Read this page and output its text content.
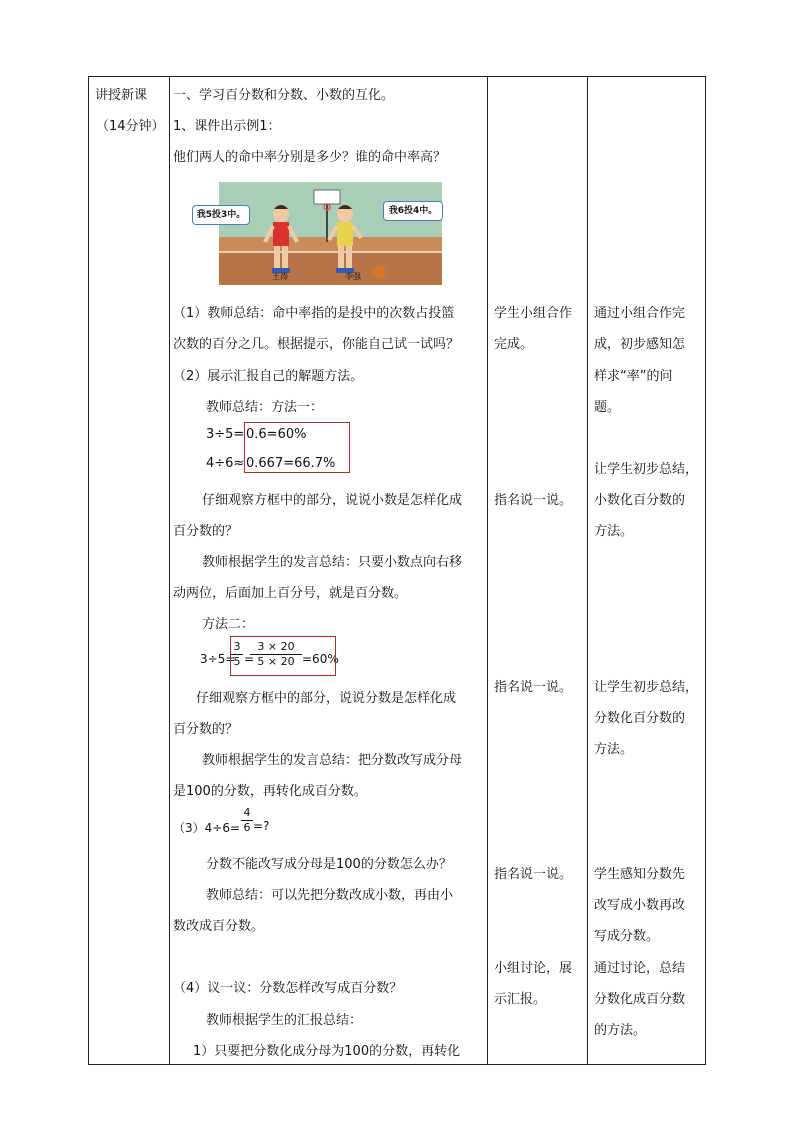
讲授新课
（14分钟）
一、学习百分数和分数、小数的互化。
1、课件出示例1：
他们两人的命中率分别是多少？谁的命中率高？
我5投3中。	我6投4中。
王涛	李强
（1）教师总结：命中率指的是投中的次数占投篮
次数的百分之几。根据提示，你能自己试一试吗？
（2）展示汇报自己的解题方法。
教师总结：方法一：
3÷5= 0.6=60%
4÷6≈ 0.667=66.7%
仔细观察方框中的部分，说说小数是怎样化成
百分数的？
教师根据学生的发言总结：只要小数点向右移
动两位，后面加上百分号，就是百分数。
方法二：
3÷5=
3
5 =
3 × 20
5 × 20 =60%
仔细观察方框中的部分，说说分数是怎样化成
百分数的？
教师根据学生的发言总结：把分数改写成分母
是100的分数，再转化成百分数。
（3）4÷6=
4
6 =?
分数不能改写成分母是100的分数怎么办？
教师总结：可以先把分数改成小数，再由小
数改成百分数。
（4）议一议：分数怎样改写成百分数？
教师根据学生的汇报总结：
1）只要把分数化成分母为100的分数，再转化
学生小组合作
完成。
指名说一说。
指名说一说。
指名说一说。
小组讨论，展
示汇报。
通过小组合作完
成，初步感知怎
样求“率”的问
题。
让学生初步总结，
小数化百分数的
方法。
让学生初步总结，
分数化百分数的
方法。
学生感知分数先
改写成小数再改
写成分数。
通过讨论，总结
分数化成百分数
的方法。
